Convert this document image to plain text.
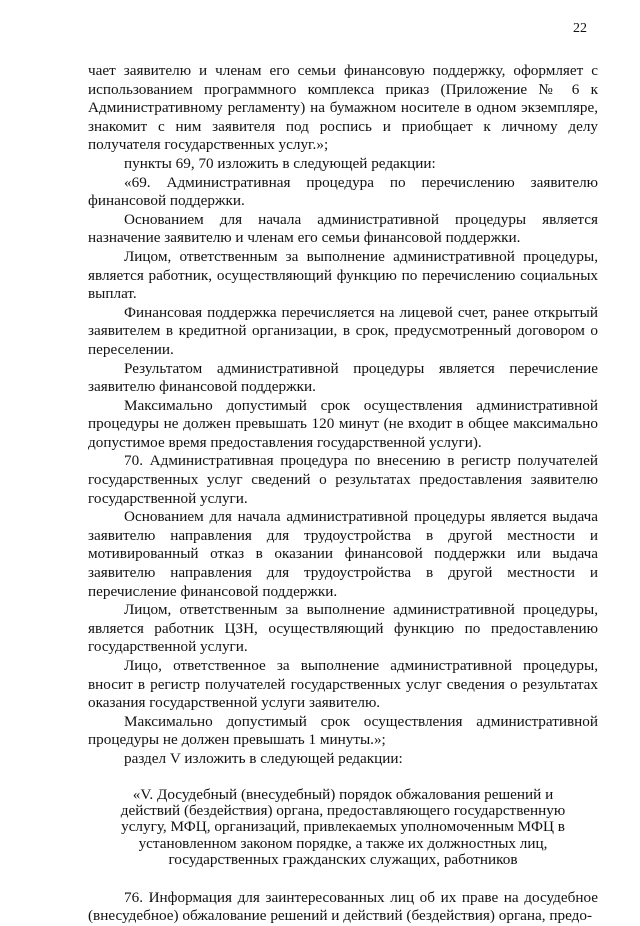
22

чает заявителю и членам его семьи финансовую поддержку, оформляет с использованием программного комплекса приказ (Приложение № 6 к Административному регламенту) на бумажном носителе в одном экземпляре, знакомит с ним заявителя под роспись и приобщает к личному делу получателя государственных услуг.»;

пункты 69, 70 изложить в следующей редакции:

«69. Административная процедура по перечислению заявителю финансовой поддержки.

Основанием для начала административной процедуры является назначение заявителю и членам его семьи финансовой поддержки.

Лицом, ответственным за выполнение административной процедуры, является работник, осуществляющий функцию по перечислению социальных выплат.

Финансовая поддержка перечисляется на лицевой счет, ранее открытый заявителем в кредитной организации, в срок, предусмотренный договором о переселении.

Результатом административной процедуры является перечисление заявителю финансовой поддержки.

Максимально допустимый срок осуществления административной процедуры не должен превышать 120 минут (не входит в общее максимально допустимое время предоставления государственной услуги).

70. Административная процедура по внесению в регистр получателей государственных услуг сведений о результатах предоставления заявителю государственной услуги.

Основанием для начала административной процедуры является выдача заявителю направления для трудоустройства в другой местности и мотивированный отказ в оказании финансовой поддержки или выдача заявителю направления для трудоустройства в другой местности и перечисление финансовой поддержки.

Лицом, ответственным за выполнение административной процедуры, является работник ЦЗН, осуществляющий функцию по предоставлению государственной услуги.

Лицо, ответственное за выполнение административной процедуры, вносит в регистр получателей государственных услуг сведения о результатах оказания государственной услуги заявителю.

Максимально допустимый срок осуществления административной процедуры не должен превышать 1 минуты.»;

раздел V изложить в следующей редакции:

«V. Досудебный (внесудебный) порядок обжалования решений и действий (бездействия) органа, предоставляющего государственную услугу, МФЦ, организаций, привлекаемых уполномоченным МФЦ в установленном законом порядке, а также их должностных лиц, государственных гражданских служащих, работников

76. Информация для заинтересованных лиц об их праве на досудебное (внесудебное) обжалование решений и действий (бездействия) органа, предо-
